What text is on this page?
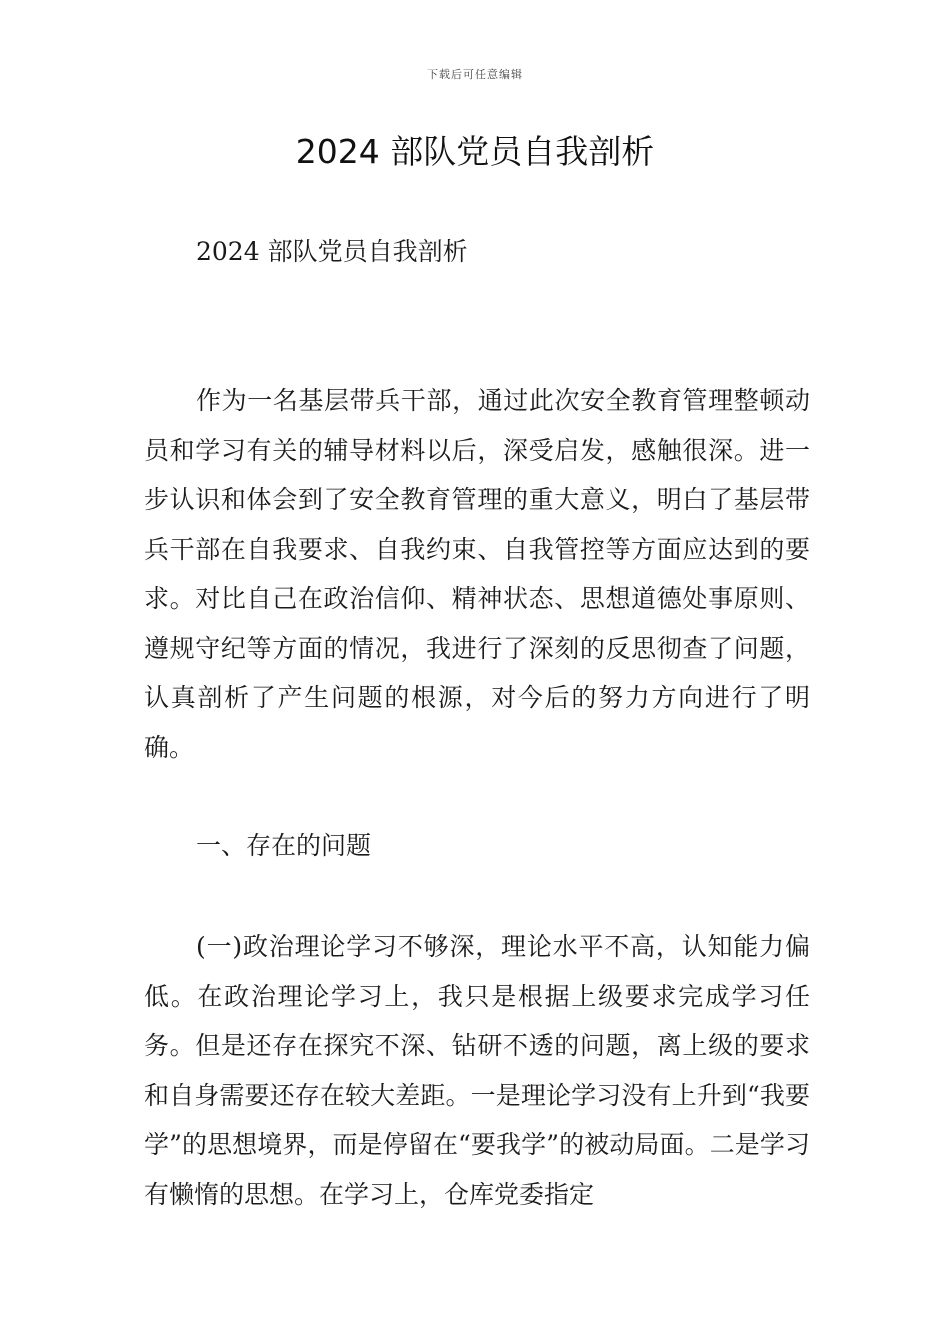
下载后可任意编辑
2024 部队党员自我剖析

2024 部队党员自我剖析

作为一名基层带兵干部，通过此次安全教育管理整顿动员和学习有关的辅导材料以后，深受启发，感触很深。进一步认识和体会到了安全教育管理的重大意义，明白了基层带兵干部在自我要求、自我约束、自我管控等方面应达到的要求。对比自己在政治信仰、精神状态、思想道德处事原则、遵规守纪等方面的情况，我进行了深刻的反思彻查了问题，认真剖析了产生问题的根源，对今后的努力方向进行了明确。

一、存在的问题

(一)政治理论学习不够深，理论水平不高，认知能力偏低。在政治理论学习上，我只是根据上级要求完成学习任务。但是还存在探究不深、钻研不透的问题，离上级的要求和自身需要还存在较大差距。一是理论学习没有上升到“我要学”的思想境界，而是停留在“要我学”的被动局面。二是学习有懒惰的思想。在学习上，仓库党委指定
